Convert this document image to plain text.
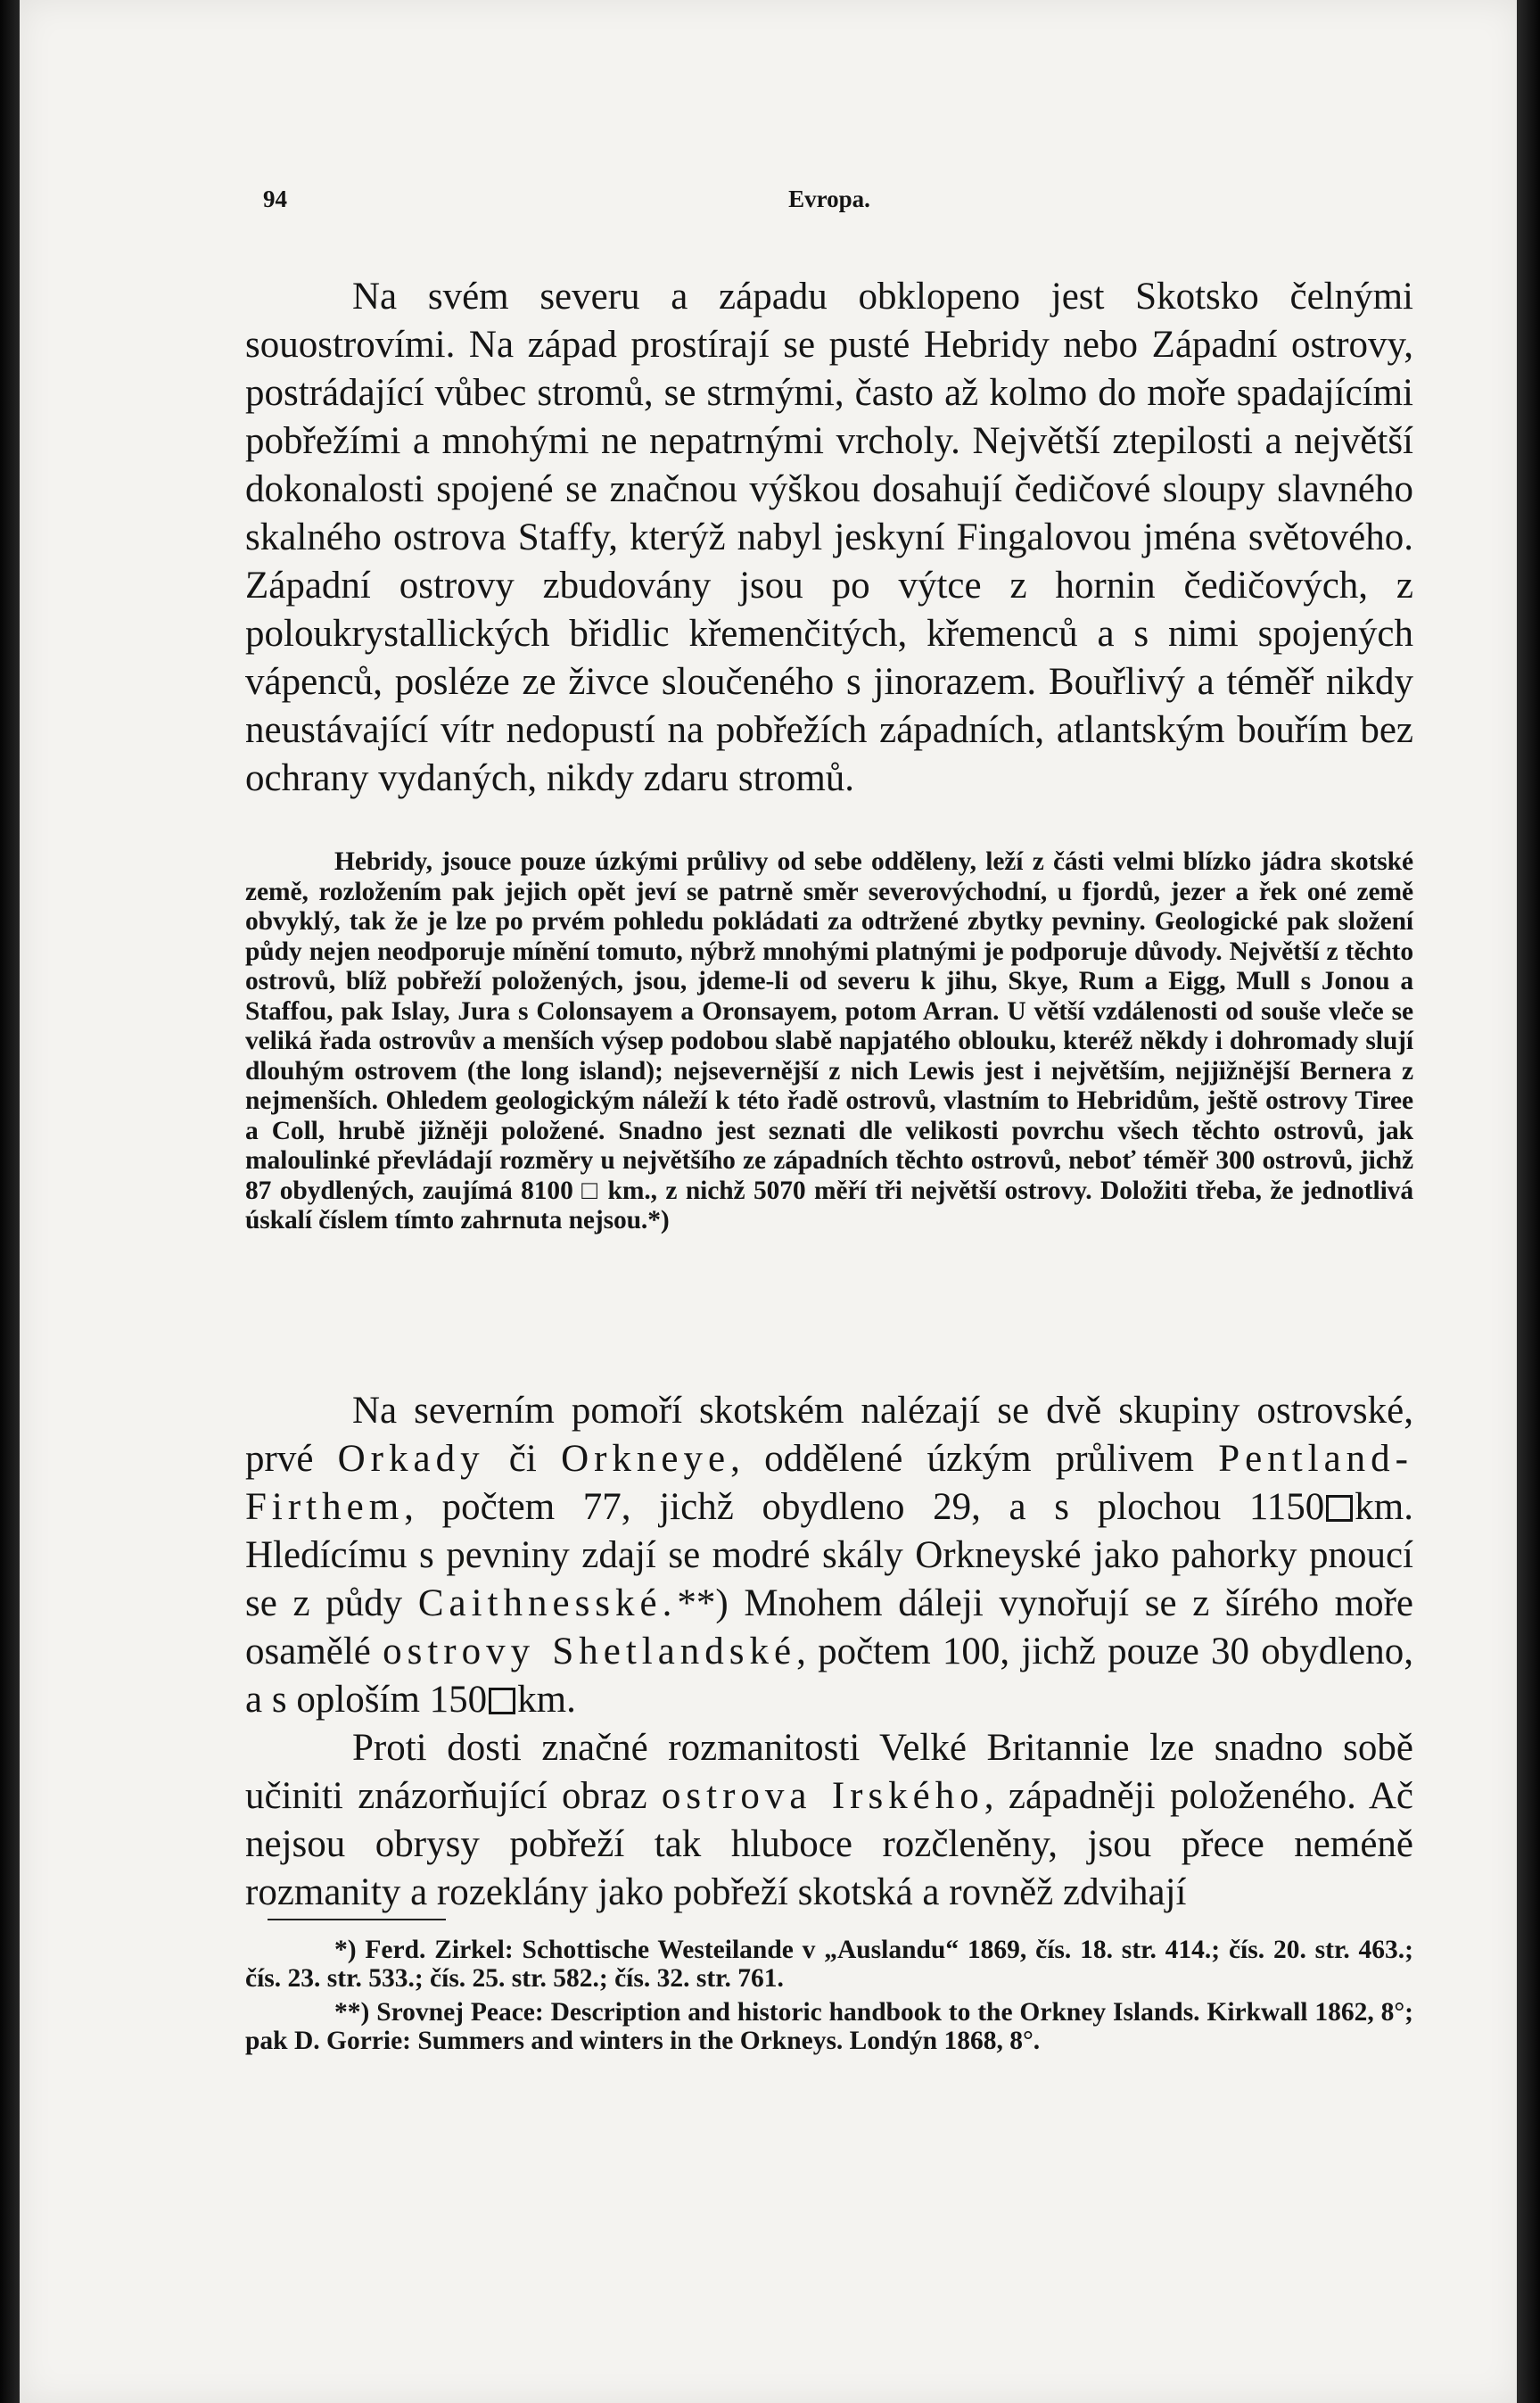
94	Evropa.

Na svém severu a západu obklopeno jest Skotsko čelnými souostrovími. Na západ prostírají se pusté Hebridy nebo Západní ostrovy, postrádající vůbec stromů, se strmými, často až kolmo do moře spadajícími pobřežími a mnohými ne nepatrnými vrcholy. Největší ztepilosti a největší dokonalosti spojené se značnou výškou dosahují čedičové sloupy slavného skalného ostrova Staffy, kterýž nabyl jeskyní Fingalovou jména světového. Západní ostrovy zbudovány jsou po výtce z hornin čedičových, z poloukrystallických břidlic křemenčitých, křemenců a s nimi spojených vápenců, posléze ze živce sloučeného s jinorazem. Bouřlivý a téměř nikdy neustávající vítr nedopustí na pobřežích západních, atlantským bouřím bez ochrany vydaných, nikdy zdaru stromů.

Hebridy, jsouce pouze úzkými průlivy od sebe odděleny, leží z části velmi blízko jádra skotské země, rozložením pak jejich opět jeví se patrně směr severovýchodní, u fjordů, jezer a řek oné země obvyklý, tak že je lze po prvém pohledu pokládati za odtržené zbytky pevniny. Geologické pak složení půdy nejen neodporuje mínění tomuto, nýbrž mnohými platnými je podporuje důvody. Největší z těchto ostrovů, blíž pobřeží položených, jsou, jdeme-li od severu k jihu, Skye, Rum a Eigg, Mull s Jonou a Staffou, pak Islay, Jura s Colonsayem a Oronsayem, potom Arran. U větší vzdálenosti od souše vleče se veliká řada ostrovův a menších výsep podobou slabě napjatého oblouku, kteréž někdy i dohromady slují dlouhým ostrovem (the long island); nejsevernější z nich Lewis jest i největším, nejjižnější Bernera z nejmenších. Ohledem geologickým náleží k této řadě ostrovů, vlastním to Hebridům, ještě ostrovy Tiree a Coll, hrubě jižněji položené. Snadno jest seznati dle velikosti povrchu všech těchto ostrovů, jak maloulinké převládají rozměry u největšího ze západních těchto ostrovů, neboť téměř 300 ostrovů, jichž 87 obydlených, zaujímá 8100 □ km., z nichž 5070 měří tři největší ostrovy. Doložiti třeba, že jednotlivá úskalí číslem tímto zahrnuta nejsou.*)

Na severním pomoří skotském nalézají se dvě skupiny ostrovské, prvé Orkady či Orkneye, oddělené úzkým průlivem Pentland-Firthem, počtem 77, jichž obydleno 29, a s plochou 1150 km. Hledícímu s pevniny zdají se modré skály Orkneyské jako pahorky pnoucí se z půdy Caithnesské.**) Mnohem dáleji vynořují se z šírého moře osamělé ostrovy Shetlandské, počtem 100, jichž pouze 30 obydleno, a s oploším 150 km.

Proti dosti značné rozmanitosti Velké Britannie lze snadno sobě učiniti znázorňující obraz ostrova Irského, západněji položeného. Ač nejsou obrysy pobřeží tak hluboce rozčleněny, jsou přece neméně rozmanity a rozeklány jako pobřeží skotská a rovněž zdvihají

*) Ferd. Zirkel: Schottische Westeilande v „Auslandu“ 1869, čís. 18. str. 414.; čís. 20. str. 463.; čís. 23. str. 533.; čís. 25. str. 582.; čís. 32. str. 761.

**) Srovnej Peace: Description and historic handbook to the Orkney Islands. Kirkwall 1862, 8°; pak D. Gorrie: Summers and winters in the Orkneys. Londýn 1868, 8°.
